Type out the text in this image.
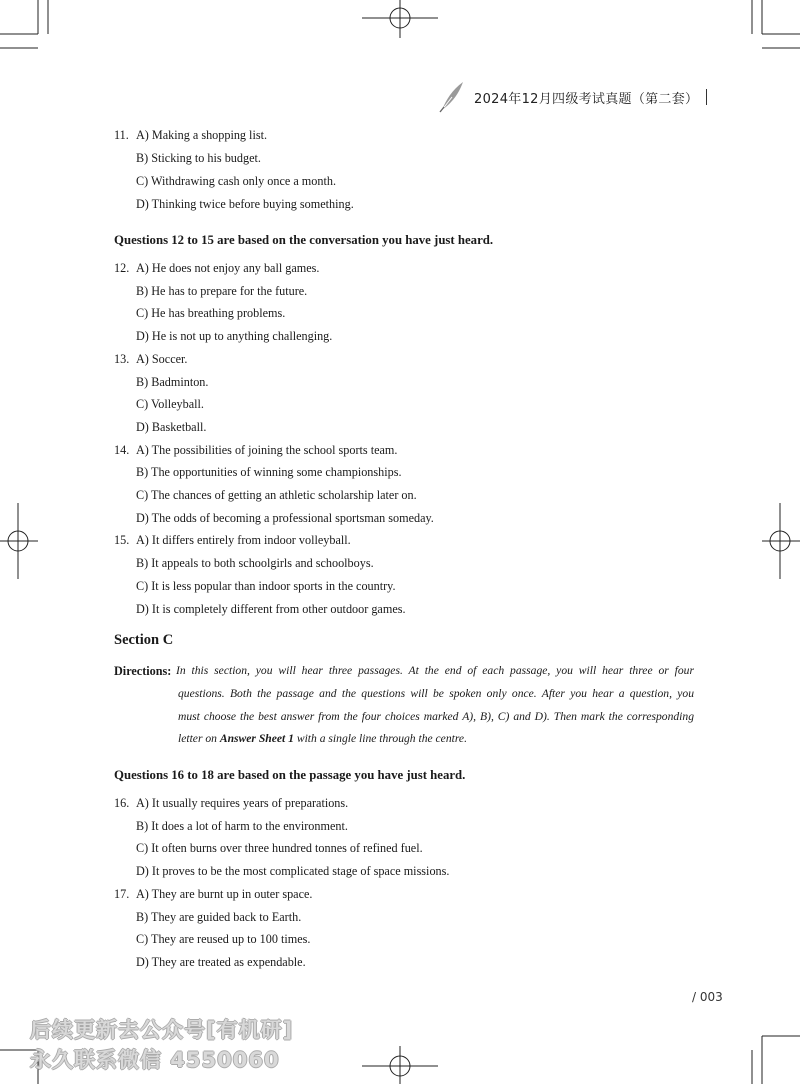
2024年12月四级考试真题（第二套）
11. A) Making a shopping list.
B) Sticking to his budget.
C) Withdrawing cash only once a month.
D) Thinking twice before buying something.
Questions 12 to 15 are based on the conversation you have just heard.
12. A) He does not enjoy any ball games.
B) He has to prepare for the future.
C) He has breathing problems.
D) He is not up to anything challenging.
13. A) Soccer.
B) Badminton.
C) Volleyball.
D) Basketball.
14. A) The possibilities of joining the school sports team.
B) The opportunities of winning some championships.
C) The chances of getting an athletic scholarship later on.
D) The odds of becoming a professional sportsman someday.
15. A) It differs entirely from indoor volleyball.
B) It appeals to both schoolgirls and schoolboys.
C) It is less popular than indoor sports in the country.
D) It is completely different from other outdoor games.
Section C
Directions: In this section, you will hear three passages. At the end of each passage, you will hear three or four
questions. Both the passage and the questions will be spoken only once. After you hear a question, you
must choose the best answer from the four choices marked A), B), C) and D). Then mark the corresponding
letter on Answer Sheet 1 with a single line through the centre.
Questions 16 to 18 are based on the passage you have just heard.
16. A) It usually requires years of preparations.
B) It does a lot of harm to the environment.
C) It often burns over three hundred tonnes of refined fuel.
D) It proves to be the most complicated stage of space missions.
17. A) They are burnt up in outer space.
B) They are guided back to Earth.
C) They are reused up to 100 times.
D) They are treated as expendable.
/ 003
后续更新去公众号[有机研]
永久联系微信 4550060
